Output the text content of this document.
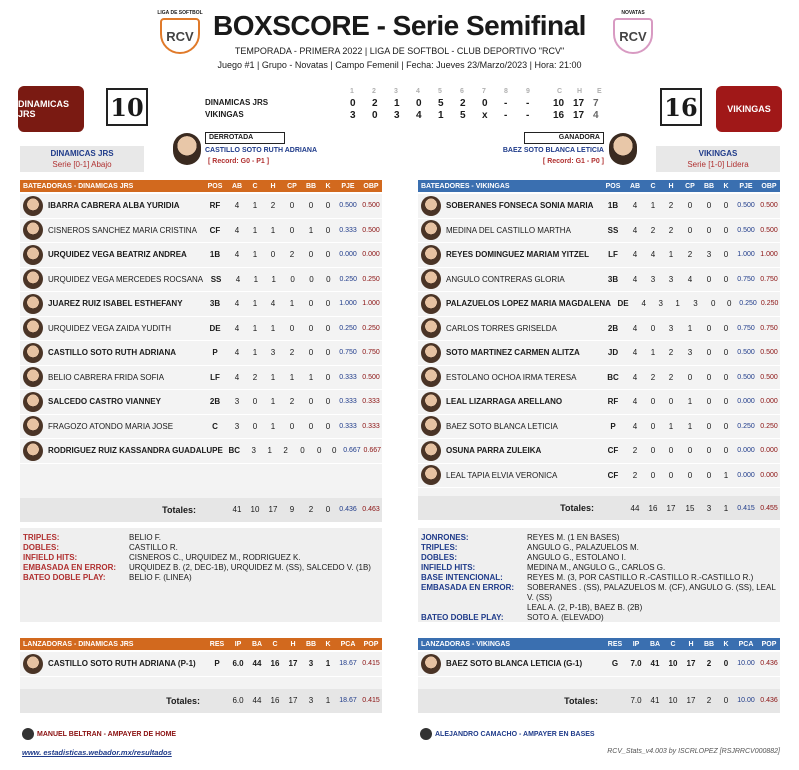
LIGA DE SOFTBOL
RCV BOXSCORE - Serie Semifinal	NOVATAS
RCV
TEMPORADA - PRIMERA 2022 | LIGA DE SOFTBOL - CLUB DEPORTIVO "RCV"
Juego #1 | Grupo - Novatas | Campo Femenil | Fecha: Jueves 23/Marzo/2023 | Hora: 21:00
DINAMICAS JRS	10	16	VIKINGAS
1	2	3	4	5	6	7	8	9	C H E
DINAMICAS JRS	0 2 1 0 5 2 0 - - 10 17 7
VIKINGAS	3 0 3 4 1 5 x - - 16 17 4
DINAMICAS JRS
Serie [0-1] Abajo
VIKINGAS
Serie [1-0] Lidera
DERROTADA
CASTILLO SOTO RUTH ADRIANA
[ Record: G0 - P1 ]
GANADORA
BAEZ SOTO BLANCA LETICIA
[ Record: G1 - P0 ]
BATEADORAS - DINAMICAS JRS	POS	AB	C	H	CP	BB	K	PJE	OBP
IBARRA CABRERA ALBA YURIDIA	RF	4	1	2	0	0	0	0.500 0.500
CISNEROS SANCHEZ MARIA CRISTINA	CF	4	1	1	0	1	0	0.333 0.500
URQUIDEZ VEGA BEATRIZ ANDREA	1B	4	1	0	2	0	0	0.000 0.000
URQUIDEZ VEGA MERCEDES ROCSANA SS	4	1	1	0	0	0	0.250 0.250
JUAREZ RUIZ ISABEL ESTHEFANY	3B	4	1	4	1	0	0	1.000 1.000
URQUIDEZ VEGA ZAIDA YUDITH	DE	4	1	1	0	0	0	0.250 0.250
CASTILLO SOTO RUTH ADRIANA	P	4	1	3	2	0	0	0.750 0.750
BELIO CABRERA FRIDA SOFIA	LF	4	2	1	1	1	0	0.333 0.500
SALCEDO CASTRO VIANNEY	2B	3	0	1	2	0	0	0.333 0.333
FRAGOZO ATONDO MARIA JOSE	C	3	0	1	0	0	0	0.333 0.333
RODRIGUEZ RUIZ KASSANDRA GUADALUPE BC	3	1	2	0	0	0 0.667 0.667
Totales:	41	10	17	9	2	0	0.436 0.463
BATEADORES - VIKINGAS	POS	AB	C	H	CP	BB	K	PJE	OBP
SOBERANES FONSECA SONIA MARIA	1B	4	1	2	0	0	0	0.500 0.500
MEDINA DEL CASTILLO MARTHA	SS	4	2	2	0	0	0	0.500 0.500
REYES DOMINGUEZ MARIAM YITZEL	LF	4	4	1	2	3	0	1.000 1.000
ANGULO CONTRERAS GLORIA	3B	4	3	3	4	0	0	0.750 0.750
PALAZUELOS LOPEZ MARIA MAGDALENA DE	4	3	1	3	0	0	0.250 0.250
CARLOS TORRES GRISELDA	2B	4	0	3	1	0	0	0.750 0.750
SOTO MARTINEZ CARMEN ALITZA	JD	4	1	2	3	0	0	0.500 0.500
ESTOLANO OCHOA IRMA TERESA	BC	4	2	2	0	0	0	0.500 0.500
LEAL LIZARRAGA ARELLANO	RF	4	0	0	1	0	0	0.000 0.000
BAEZ SOTO BLANCA LETICIA	P	4	0	1	1	0	0	0.250 0.250
OSUNA PARRA ZULEIKA	CF	2	0	0	0	0	0	0.000 0.000
LEAL TAPIA ELVIA VERONICA	CF	2	0	0	0	0	1	0.000 0.000
Totales:	44	16	17	15	3	1	0.415 0.455
TRIPLES:	BELIO F.
DOBLES:	CASTILLO R.
INFIELD HITS:	CISNEROS C., URQUIDEZ M., RODRIGUEZ K.
EMBASADA EN ERROR:	URQUIDEZ B. (2, DEC-1B), URQUIDEZ M. (SS), SALCEDO V. (1B)
BATEO DOBLE PLAY:	BELIO F. (LINEA)
JONRONES:	REYES M. (1 EN BASES)
TRIPLES:	ANGULO G., PALAZUELOS M.
DOBLES:	ANGULO G., ESTOLANO I.
INFIELD HITS:	MEDINA M., ANGULO G., CARLOS G.
BASE INTENCIONAL:	REYES M. (3, POR CASTILLO R.-CASTILLO R.-CASTILLO R.)
EMBASADA EN ERROR:	SOBERANES . (SS), PALAZUELOS M. (CF), ANGULO G. (SS), LEAL V. (SS)
LEAL A. (2, P-1B), BAEZ B. (2B)
BATEO DOBLE PLAY:	SOTO A. (ELEVADO)
LANZADORAS - DINAMICAS JRS	RES	IP	BA	C	H	BB	K	PCA	POP
CASTILLO SOTO RUTH ADRIANA (P-1)	P	6.0	44	16	17	3	1	18.67 0.415
Totales:	6.0	44	16	17	3	1	18.67 0.415
LANZADORAS - VIKINGAS	RES	IP	BA	C	H	BB	K	PCA	POP
BAEZ SOTO BLANCA LETICIA (G-1)	G	7.0	41	10	17	2	0	10.00 0.436
Totales:	7.0	41	10	17	2	0	10.00 0.436
MANUEL BELTRAN - AMPAYER DE HOME	ALEJANDRO CAMACHO - AMPAYER EN BASES
www. estadisticas.webador.mx/resultados	RCV_Stats_v4.003 by ISCRLOPEZ [RSJRRCV000882]
